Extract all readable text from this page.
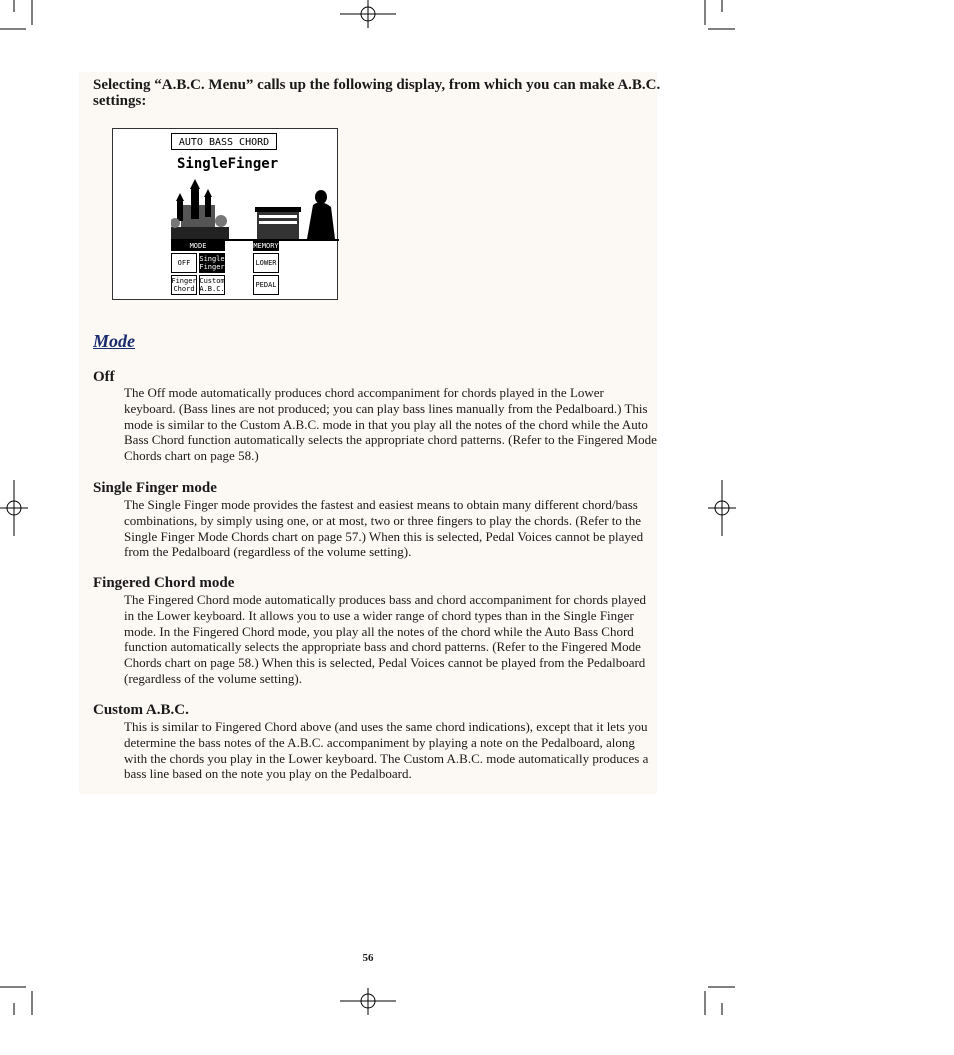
Selecting “A.B.C. Menu” calls up the following display, from which you can make A.B.C. settings:

AUTO BASS CHORD
SingleFinger
MODE	MEMORY
OFF	Single Finger
Finger Chord
Custom A.B.C.
LOWER
PEDAL
Mode
Off

The Off mode automatically produces chord accompaniment for chords played in the Lower keyboard. (Bass lines are not produced; you can play bass lines manually from the Pedalboard.) This mode is similar to the Custom A.B.C. mode in that you play all the notes of the chord while the Auto Bass Chord function automatically selects the appropriate chord patterns. (Refer to the Fingered Mode Chords chart on page 58.)

Single Finger mode

The Single Finger mode provides the fastest and easiest means to obtain many different chord/bass combinations, by simply using one, or at most, two or three fingers to play the chords. (Refer to the Single Finger Mode Chords chart on page 57.) When this is selected, Pedal Voices cannot be played from the Pedalboard (regardless of the volume setting).

Fingered Chord mode

The Fingered Chord mode automatically produces bass and chord accompaniment for chords played in the Lower keyboard. It allows you to use a wider range of chord types than in the Single Finger mode. In the Fingered Chord mode, you play all the notes of the chord while the Auto Bass Chord function automatically selects the appropriate bass and chord patterns. (Refer to the Fingered Mode Chords chart on page 58.) When this is selected, Pedal Voices cannot be played from the Pedalboard (regardless of the volume setting).

Custom A.B.C.

This is similar to Fingered Chord above (and uses the same chord indications), except that it lets you determine the bass notes of the A.B.C. accompaniment by playing a note on the Pedalboard, along with the chords you play in the Lower keyboard. The Custom A.B.C. mode automatically produces a bass line based on the note you play on the Pedalboard.

56
